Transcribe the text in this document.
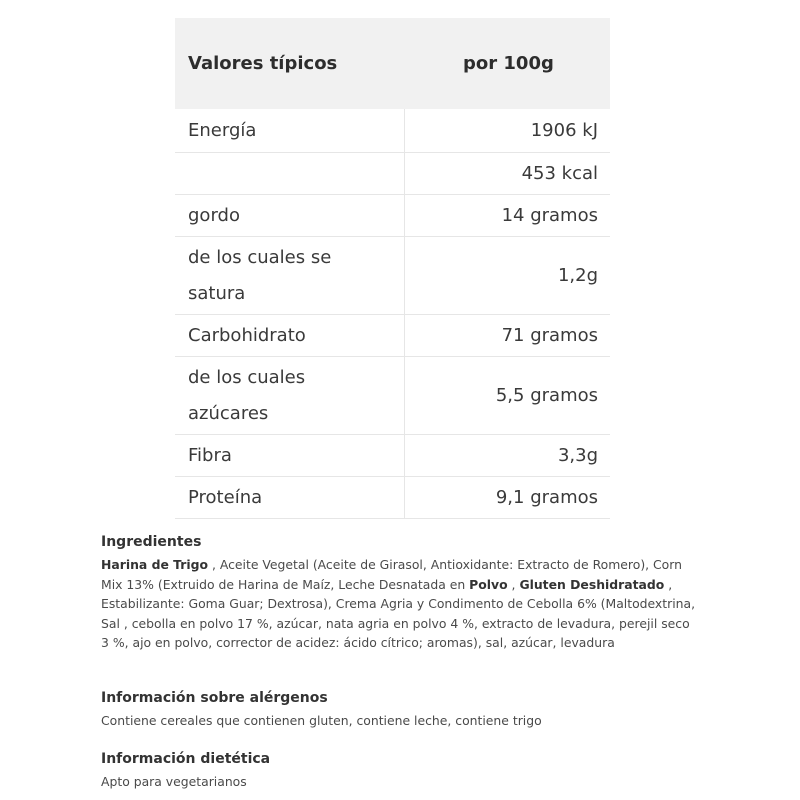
Valores típicos	por 100g
Energía	1906 kJ
	453 kcal
gordo	14 gramos
de los cuales se satura	1,2g
Carbohidrato	71 gramos
de los cuales azúcares	5,5 gramos
Fibra	3,3g
Proteína	9,1 gramos
Ingredientes

Harina de Trigo , Aceite Vegetal (Aceite de Girasol, Antioxidante: Extracto de Romero), Corn Mix 13% (Extruido de Harina de Maíz, Leche Desnatada en Polvo , Gluten Deshidratado , Estabilizante: Goma Guar; Dextrosa), Crema Agria y Condimento de Cebolla 6% (Maltodextrina, Sal , cebolla en polvo 17 %, azúcar, nata agria en polvo 4 %, extracto de levadura, perejil seco 3 %, ajo en polvo, corrector de acidez: ácido cítrico; aromas), sal, azúcar, levadura

Información sobre alérgenos

Contiene cereales que contienen gluten, contiene leche, contiene trigo

Información dietética

Apto para vegetarianos
